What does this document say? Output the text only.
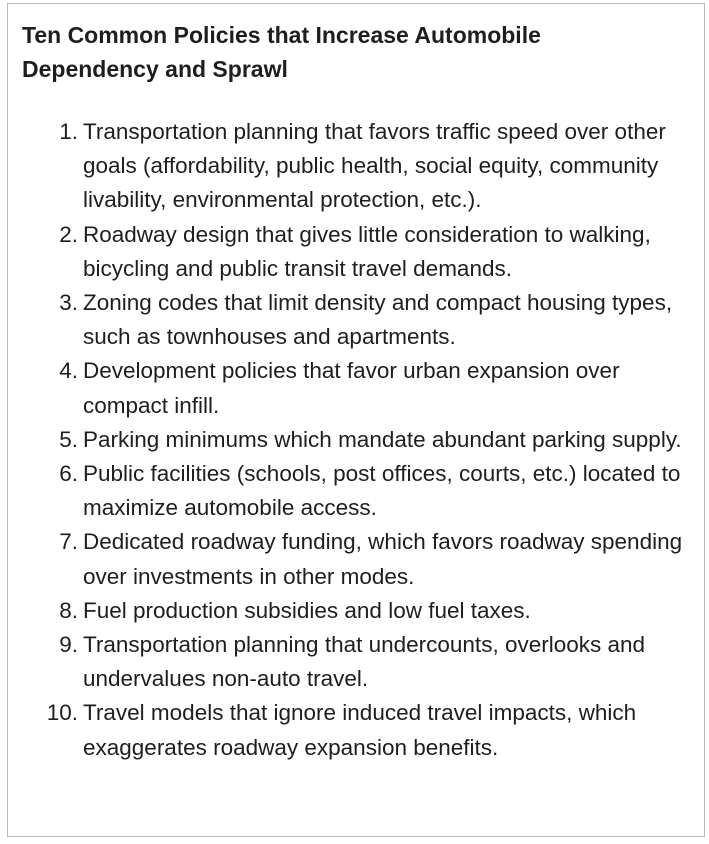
Ten Common Policies that Increase Automobile Dependency and Sprawl
1. Transportation planning that favors traffic speed over other goals (affordability, public health, social equity, community livability, environmental protection, etc.).
2. Roadway design that gives little consideration to walking, bicycling and public transit travel demands.
3. Zoning codes that limit density and compact housing types, such as townhouses and apartments.
4. Development policies that favor urban expansion over compact infill.
5. Parking minimums which mandate abundant parking supply.
6. Public facilities (schools, post offices, courts, etc.) located to maximize automobile access.
7. Dedicated roadway funding, which favors roadway spending over investments in other modes.
8. Fuel production subsidies and low fuel taxes.
9. Transportation planning that undercounts, overlooks and undervalues non-auto travel.
10. Travel models that ignore induced travel impacts, which exaggerates roadway expansion benefits.
